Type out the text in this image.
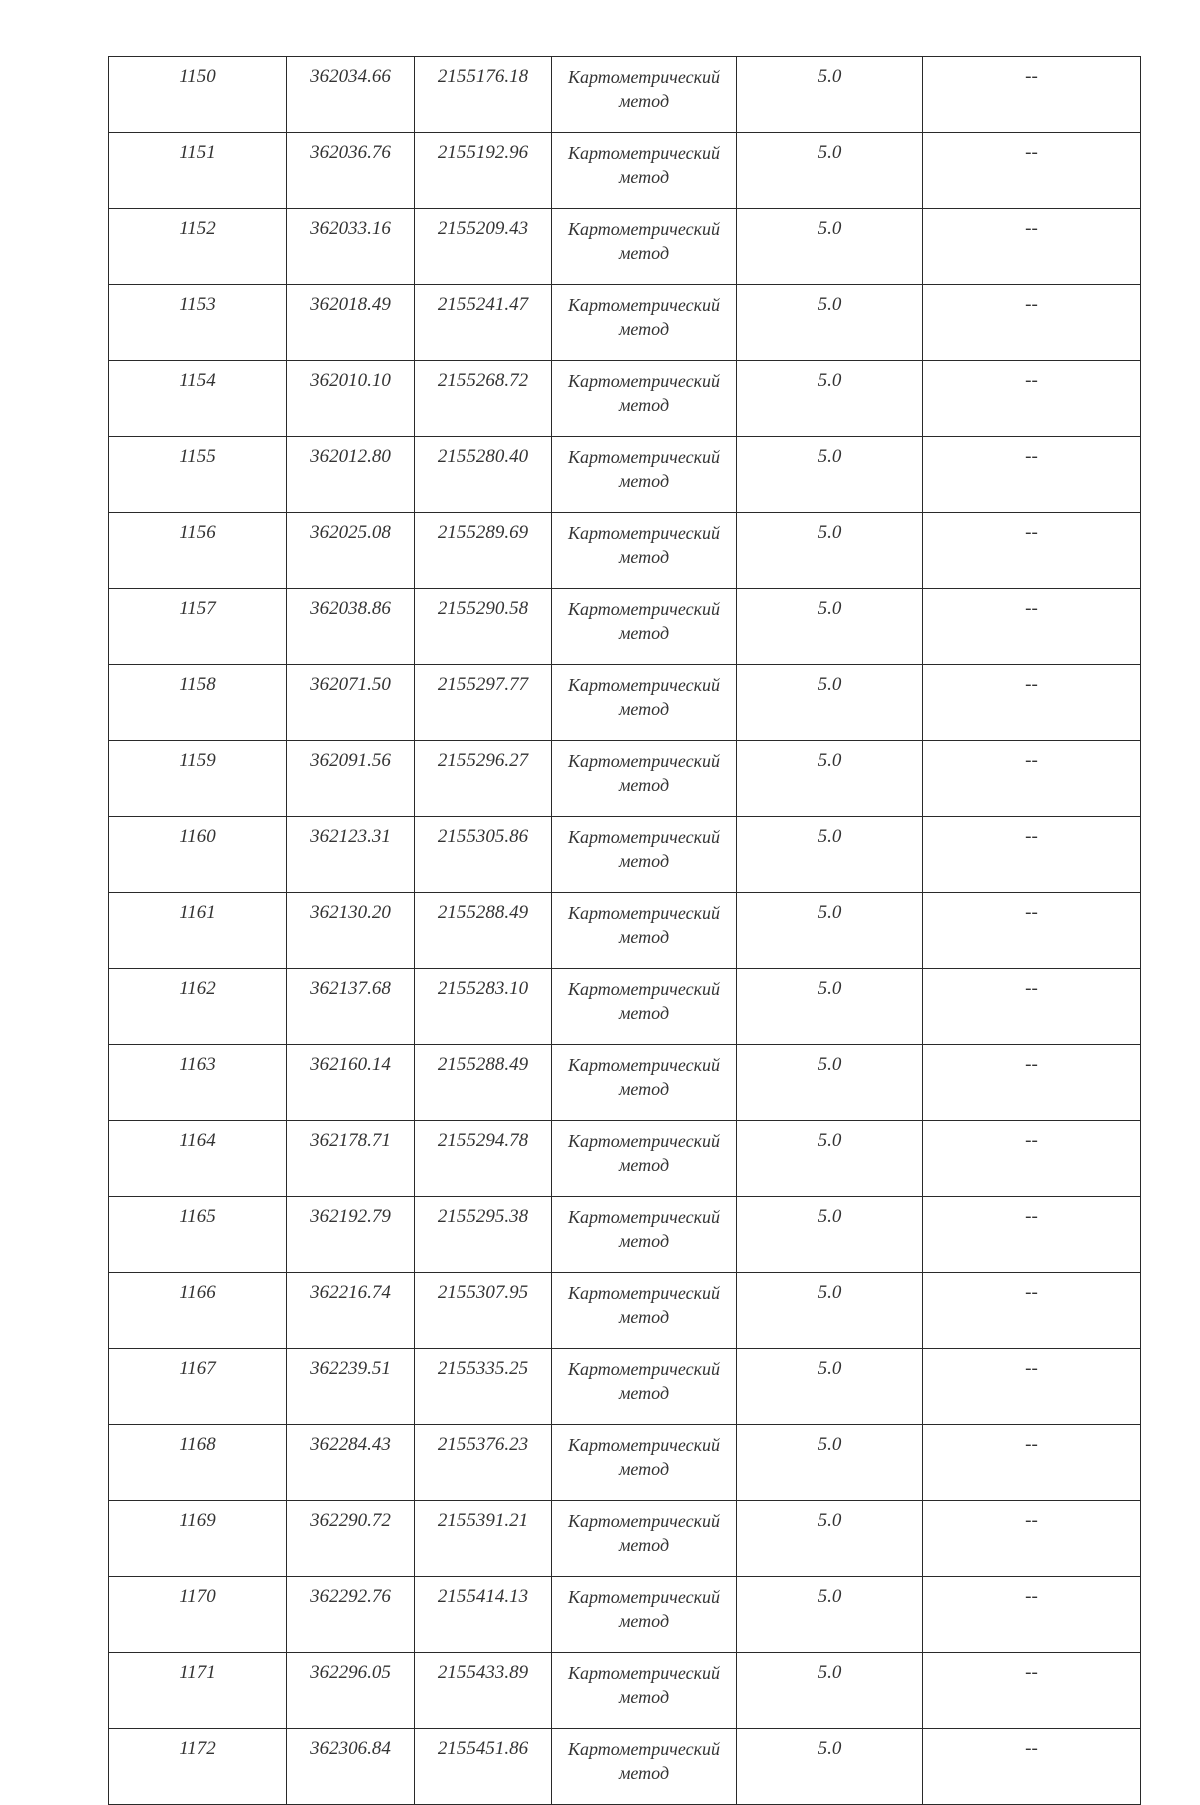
1150	362034.66	2155176.18	Картометрический метод	5.0	--
1151	362036.76	2155192.96	Картометрический метод	5.0	--
1152	362033.16	2155209.43	Картометрический метод	5.0	--
1153	362018.49	2155241.47	Картометрический метод	5.0	--
1154	362010.10	2155268.72	Картометрический метод	5.0	--
1155	362012.80	2155280.40	Картометрический метод	5.0	--
1156	362025.08	2155289.69	Картометрический метод	5.0	--
1157	362038.86	2155290.58	Картометрический метод	5.0	--
1158	362071.50	2155297.77	Картометрический метод	5.0	--
1159	362091.56	2155296.27	Картометрический метод	5.0	--
1160	362123.31	2155305.86	Картометрический метод	5.0	--
1161	362130.20	2155288.49	Картометрический метод	5.0	--
1162	362137.68	2155283.10	Картометрический метод	5.0	--
1163	362160.14	2155288.49	Картометрический метод	5.0	--
1164	362178.71	2155294.78	Картометрический метод	5.0	--
1165	362192.79	2155295.38	Картометрический метод	5.0	--
1166	362216.74	2155307.95	Картометрический метод	5.0	--
1167	362239.51	2155335.25	Картометрический метод	5.0	--
1168	362284.43	2155376.23	Картометрический метод	5.0	--
1169	362290.72	2155391.21	Картометрический метод	5.0	--
1170	362292.76	2155414.13	Картометрический метод	5.0	--
1171	362296.05	2155433.89	Картометрический метод	5.0	--
1172	362306.84	2155451.86	Картометрический метод	5.0	--
